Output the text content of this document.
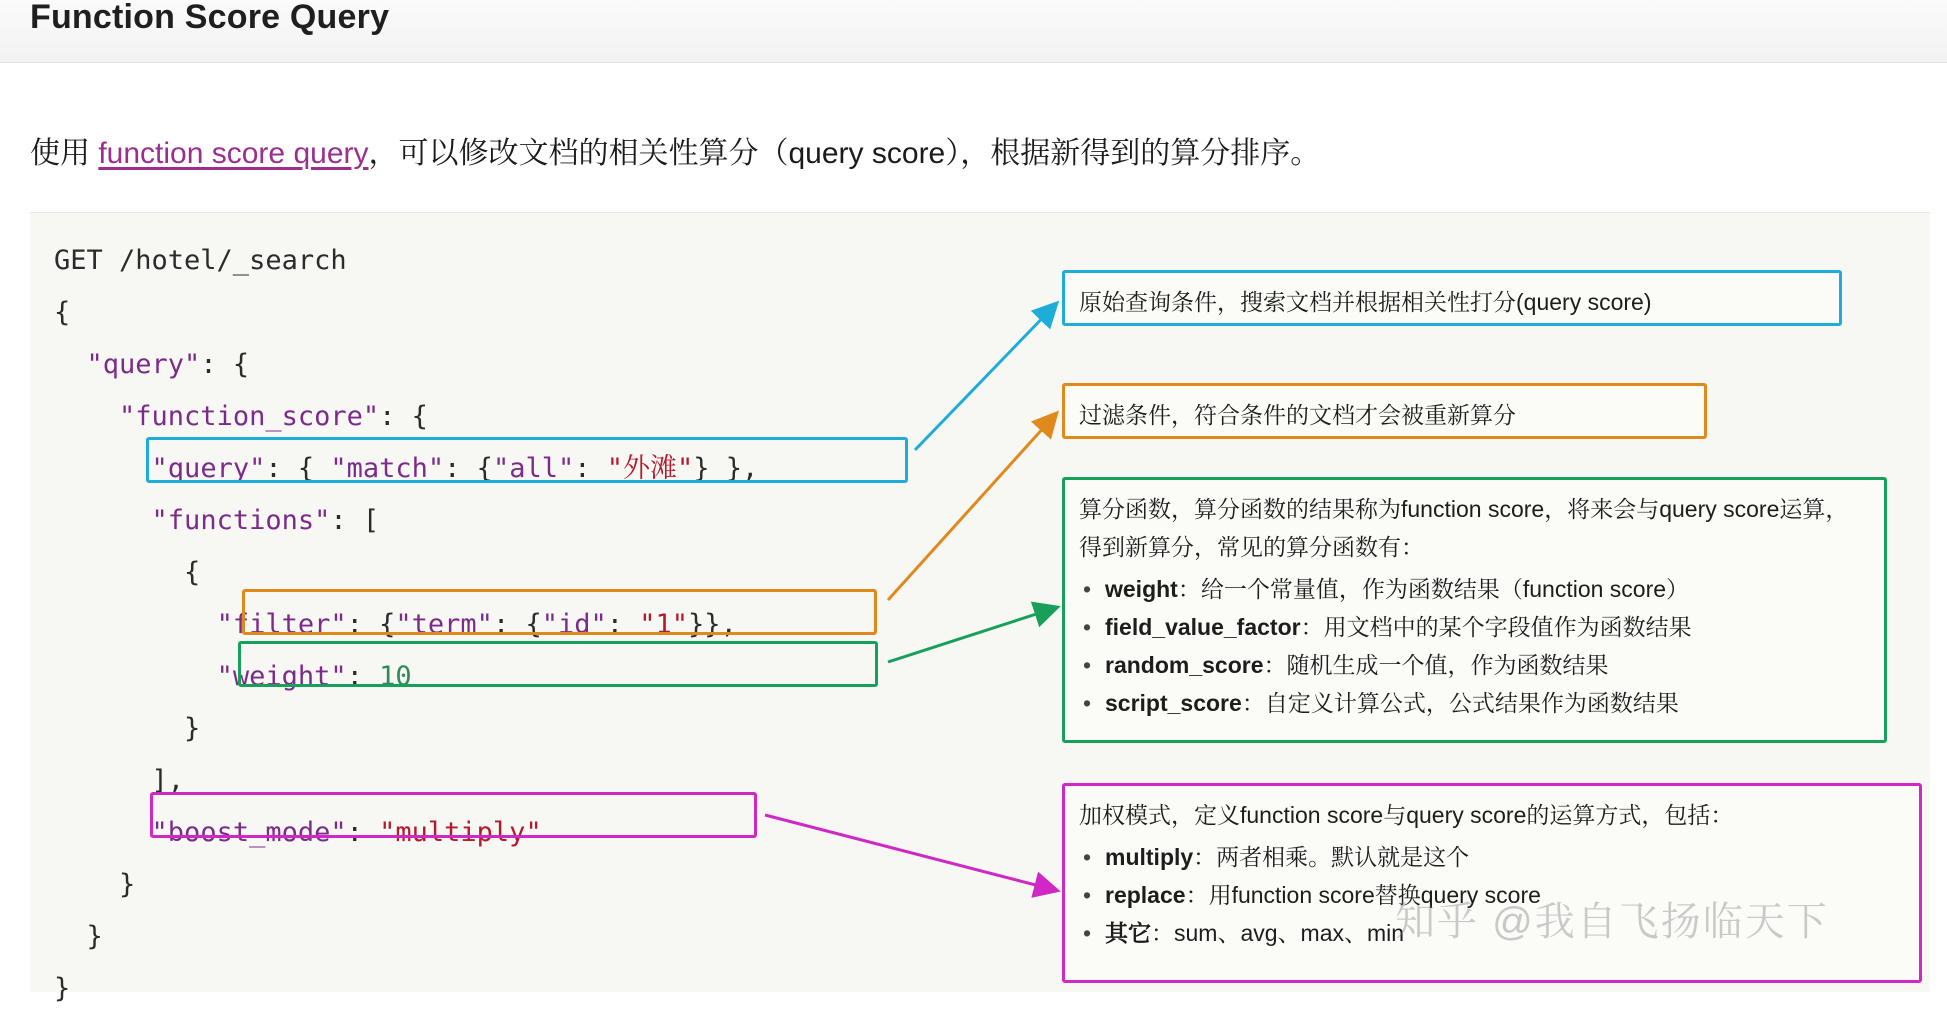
Function Score Query
使用 function score query，可以修改文档的相关性算分（query score），根据新得到的算分排序。
GET /hotel/_search
{
"query": {
"function_score": {
"query": { "match": {"all": "外滩"} },
"functions": [
{
"filter": {"term": {"id": "1"}},
"weight": 10
}
],
"boost_mode": "multiply"
}
}
}
原始查询条件，搜索文档并根据相关性打分(query score)
过滤条件，符合条件的文档才会被重新算分
算分函数，算分函数的结果称为function score，将来会与query score运算，得到新算分，常见的算分函数有：
• weight：给一个常量值，作为函数结果（function score）
• field_value_factor：用文档中的某个字段值作为函数结果
• random_score：随机生成一个值，作为函数结果
• script_score：自定义计算公式，公式结果作为函数结果
加权模式，定义function score与query score的运算方式，包括：
• multiply：两者相乘。默认就是这个
• replace：用function score替换query score
• 其它：sum、avg、max、min
知乎 @我自飞扬临天下
